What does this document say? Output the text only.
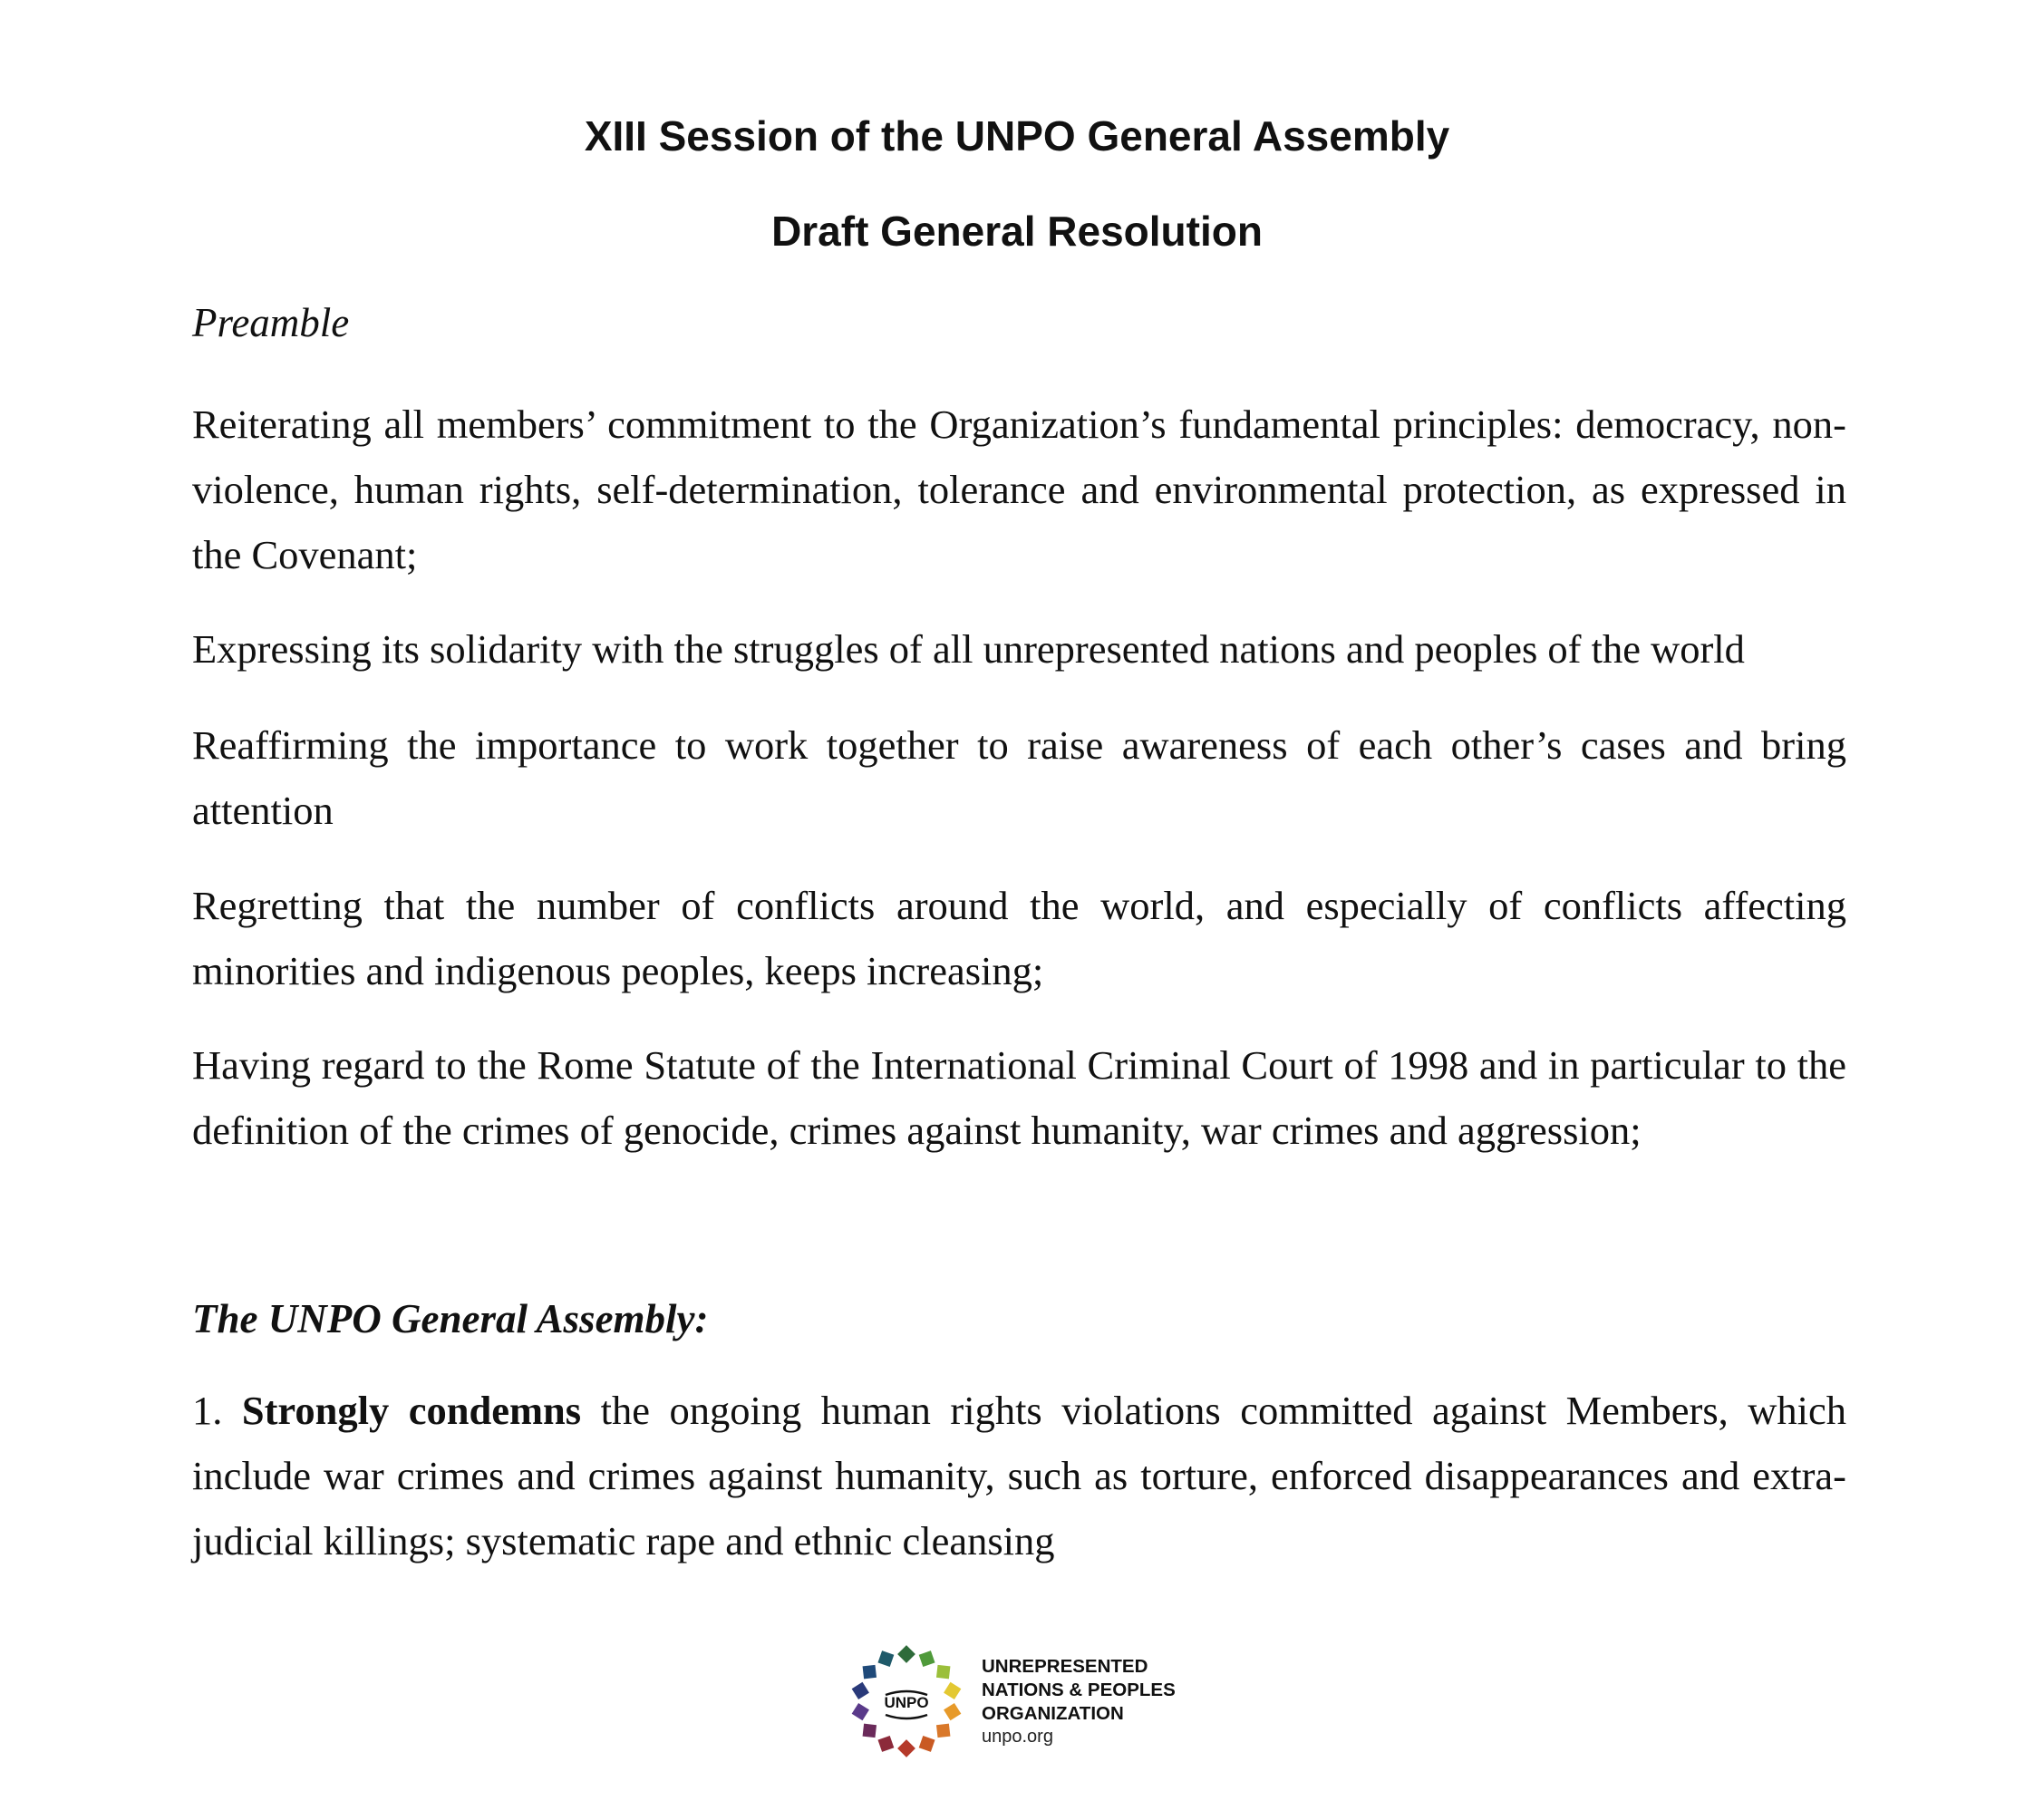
XIII Session of the UNPO General Assembly
Draft General Resolution
Preamble
Reiterating all members’ commitment to the Organization’s fundamental principles: democracy, non-violence, human rights, self-determination, tolerance and environmental protection, as expressed in the Covenant;
Expressing its solidarity with the struggles of all unrepresented nations and peoples of the world
Reaffirming the importance to work together to raise awareness of each other’s cases and bring attention
Regretting that the number of conflicts around the world, and especially of conflicts affecting minorities and indigenous peoples, keeps increasing;
Having regard to the Rome Statute of the International Criminal Court of 1998 and in particular to the definition of the crimes of genocide, crimes against humanity, war crimes and aggression;
The UNPO General Assembly:
1. Strongly condemns the ongoing human rights violations committed against Members, which include war crimes and crimes against humanity, such as torture, enforced disappearances and extra-judicial killings; systematic rape and ethnic cleansing
UNPO
UNREPRESENTED
NATIONS & PEOPLES
ORGANIZATION
unpo.org
